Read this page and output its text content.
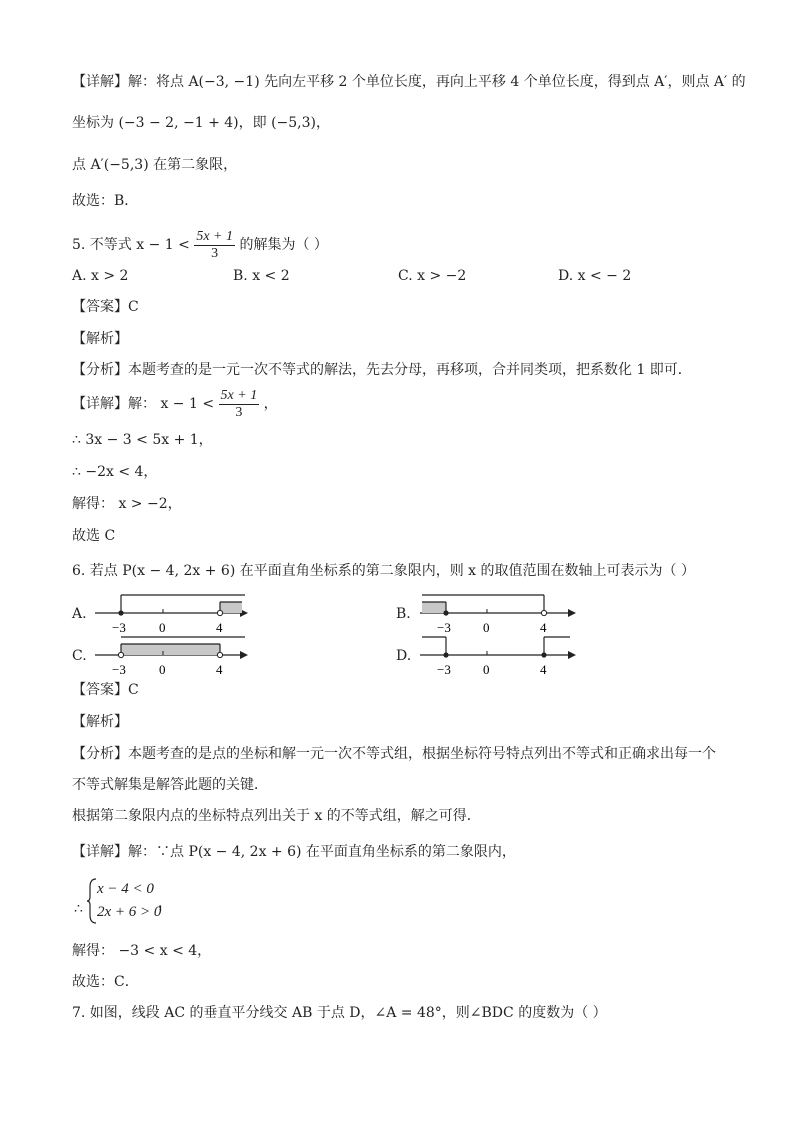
【详解】解：将点 A(−3, −1) 先向左平移 2 个单位长度，再向上平移 4 个单位长度，得到点 A′，则点 A′ 的
坐标为 (−3 − 2, −1 + 4)，即 (−5,3)，
点 A′(−5,3) 在第二象限，
故选：B．
5. 不等式 $x - 1 < \frac{5x + 1}{3}$ 的解集为（ ）
A. x > 2	B. x < 2	C. x > −2	D. x < − 2
【答案】C
【解析】
【分析】本题考查的是一元一次不等式的解法，先去分母，再移项，合并同类项，把系数化 1 即可．
【详解】解： $x - 1 < \frac{5x + 1}{3}$ ，
∴ 3x − 3 < 5x + 1，
∴ −2x < 4，
解得： x > −2，
故选 C
6. 若点 P(x − 4, 2x + 6) 在平面直角坐标系的第二象限内，则 x 的取值范围在数轴上可表示为（ ）
A.
−3	0	4
B.
−3 0	4
C.
−3	0	4
D.
−3 0	4
【答案】C
【解析】
【分析】本题考查的是点的坐标和解一元一次不等式组，根据坐标符号特点列出不等式和正确求出每一个
不等式解集是解答此题的关键．
根据第二象限内点的坐标特点列出关于 x 的不等式组，解之可得．
【详解】解：∵点 P(x − 4, 2x + 6) 在平面直角坐标系的第二象限内，
∴
x − 4 < 0
2x + 6 > 0
，
解得： −3 < x < 4，
故选：C．
7. 如图，线段 AC 的垂直平分线交 AB 于点 D，∠A = 48°，则∠BDC 的度数为（ ）
